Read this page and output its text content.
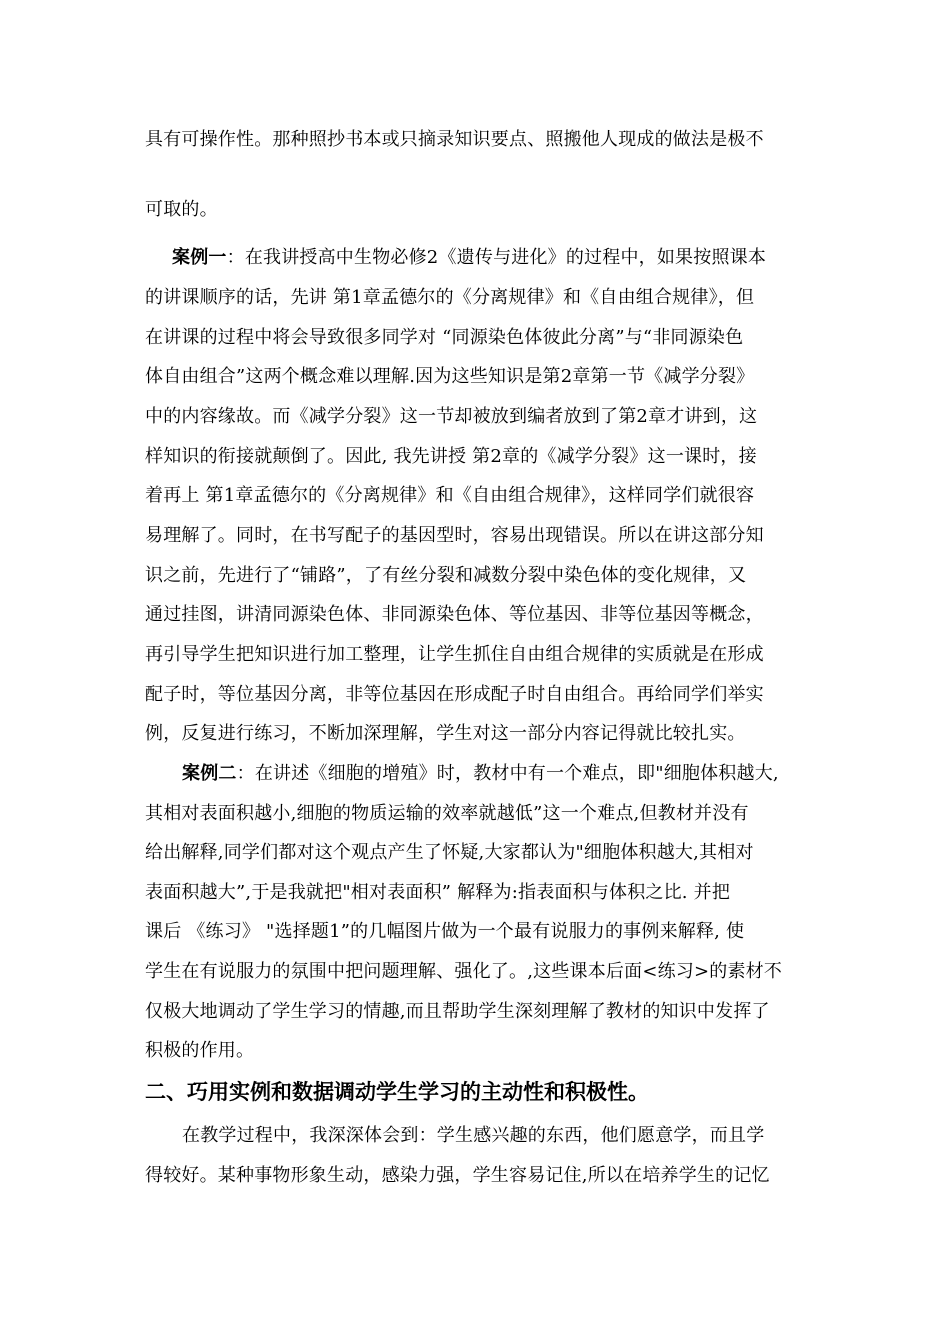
具有可操作性。那种照抄书本或只摘录知识要点、照搬他人现成的做法是极不
可取的。
案例一：在我讲授高中生物必修2《遗传与进化》的过程中，如果按照课本
的讲课顺序的话，先讲 第1章孟德尔的《分离规律》和《自由组合规律》，但
在讲课的过程中将会导致很多同学对 “同源染色体彼此分离”与“非同源染色
体自由组合”这两个概念难以理解.因为这些知识是第2章第一节《减学分裂》
中的内容缘故。而《减学分裂》这一节却被放到编者放到了第2章才讲到，这
样知识的衔接就颠倒了。因此, 我先讲授 第2章的《减学分裂》这一课时，接
着再上 第1章孟德尔的《分离规律》和《自由组合规律》，这样同学们就很容
易理解了。同时，在书写配子的基因型时，容易出现错误。所以在讲这部分知
识之前，先进行了“铺路”，了有丝分裂和减数分裂中染色体的变化规律，又
通过挂图，讲清同源染色体、非同源染色体、等位基因、非等位基因等概念，
再引导学生把知识进行加工整理，让学生抓住自由组合规律的实质就是在形成
配子时，等位基因分离，非等位基因在形成配子时自由组合。再给同学们举实
例，反复进行练习，不断加深理解，学生对这一部分内容记得就比较扎实。
案例二：在讲述《细胞的增殖》时，教材中有一个难点，即"细胞体积越大,
其相对表面积越小,细胞的物质运输的效率就越低”这一个难点,但教材并没有
给出解释,同学们都对这个观点产生了怀疑,大家都认为"细胞体积越大,其相对
表面积越大”,于是我就把"相对表面积” 解释为:指表面积与体积之比. 并把
课后 《练习》 "选择题1”的几幅图片做为一个最有说服力的事例来解释, 使
学生在有说服力的氛围中把问题理解、强化了。,这些课本后面<练习>的素材不
仅极大地调动了学生学习的情趣,而且帮助学生深刻理解了教材的知识中发挥了
积极的作用。
二、巧用实例和数据调动学生学习的主动性和积极性。
在教学过程中，我深深体会到：学生感兴趣的东西，他们愿意学，而且学
得较好。某种事物形象生动，感染力强，学生容易记住,所以在培养学生的记忆
